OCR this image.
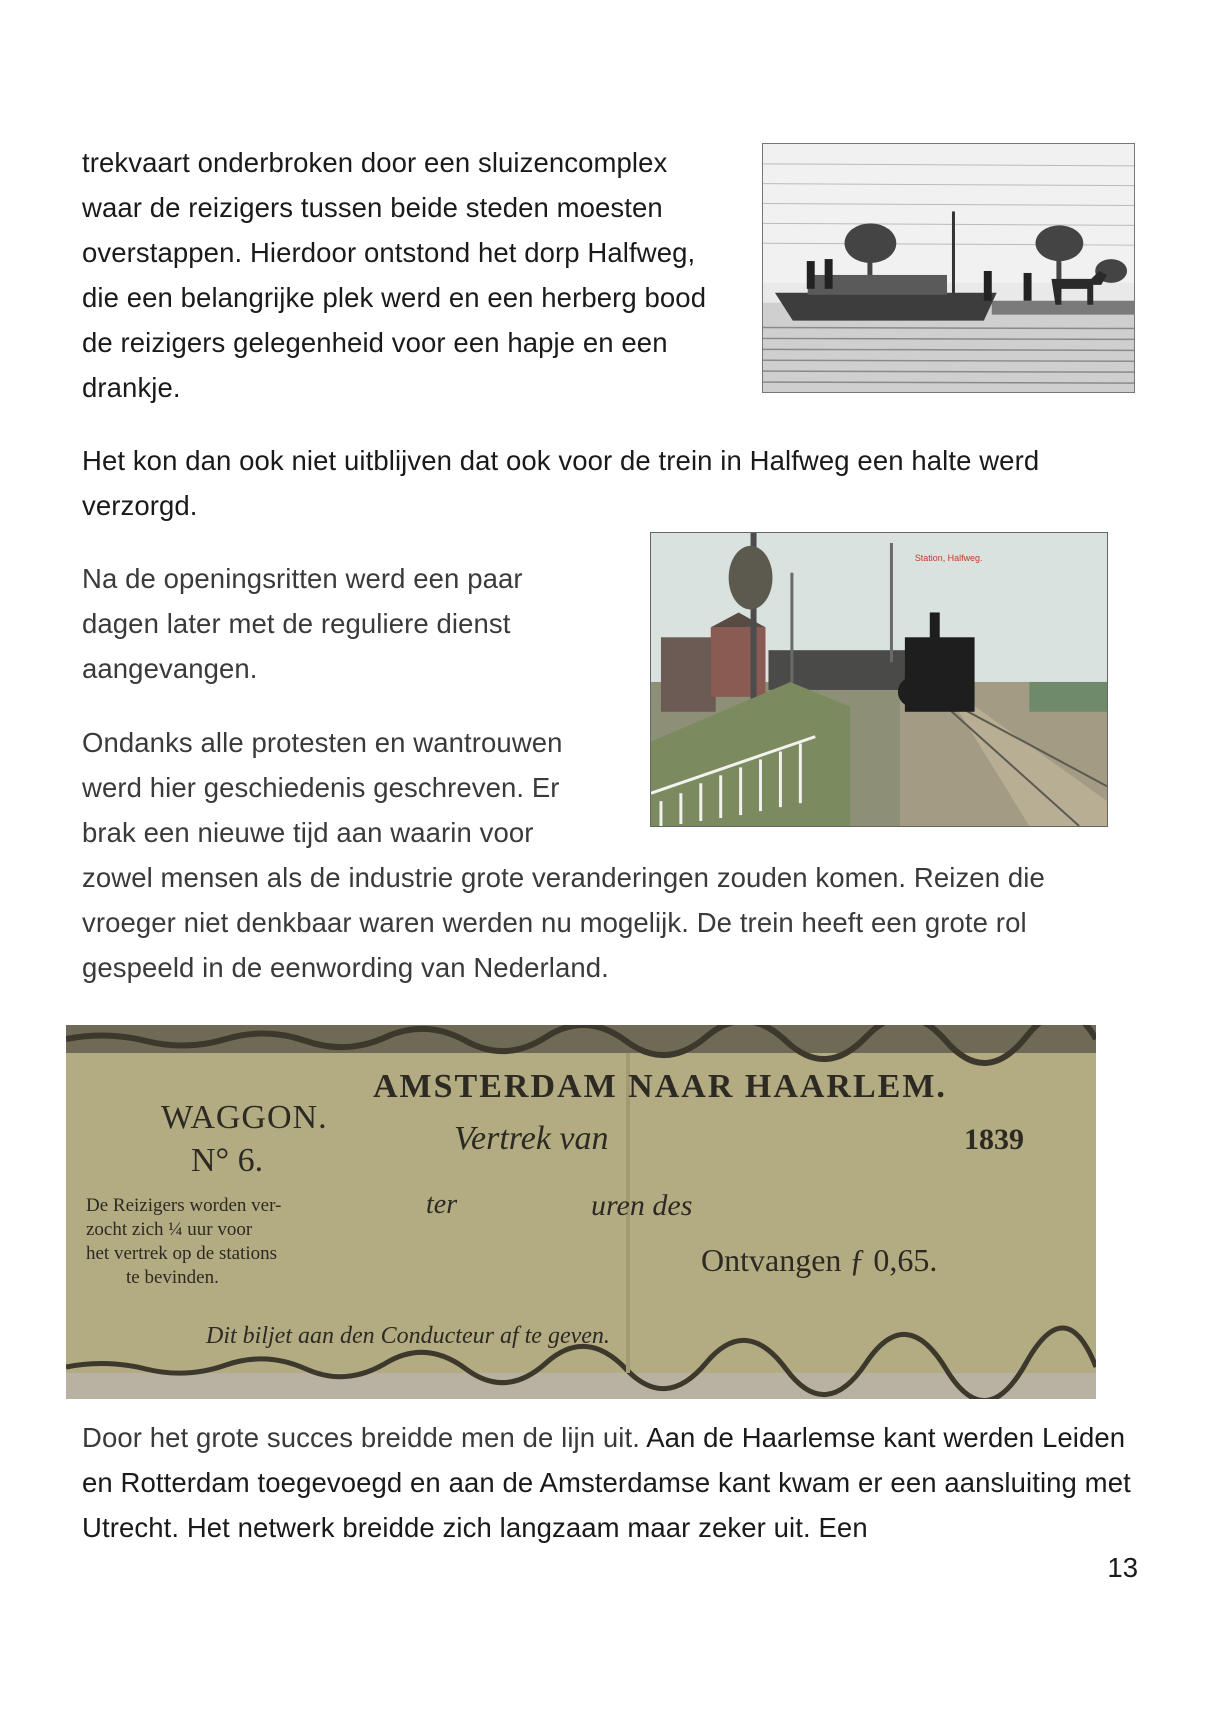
trekvaart onderbroken door een sluizencomplex waar de reizigers tussen beide steden moesten overstappen. Hierdoor ontstond het dorp Halfweg, die een belangrijke plek werd en een herberg bood de reizigers gelegenheid voor een hapje en een drankje.

Het kon dan ook niet uitblijven dat ook voor de trein in Halfweg een halte werd verzorgd.

Na de openingsritten werd een paar dagen later met de reguliere dienst aangevangen.

Station, Halfweg.

Ondanks alle protesten en wantrouwen werd hier geschiedenis geschreven. Er brak een nieuwe tijd aan waarin voor

zowel mensen als de industrie grote veranderingen zouden komen. Reizen die vroeger niet denkbaar waren werden nu mogelijk. De trein heeft een grote rol gespeeld in de eenwording van Nederland.

AMSTERDAM NAAR HAARLEM.
WAGGON.
N° 6.
Vertrek van	1839
ter	uren des
De Reizigers worden ver-
zocht zich ¼ uur voor
het vertrek op de stations
te bevinden.	Ontvangen ƒ 0,65.
Dit biljet aan den Conducteur af te geven.

Door het grote succes breidde men de lijn uit. Aan de Haarlemse kant werden Leiden en Rotterdam toegevoegd en aan de Amsterdamse kant kwam er een aansluiting met Utrecht. Het netwerk breidde zich langzaam maar zeker uit. Een

13
